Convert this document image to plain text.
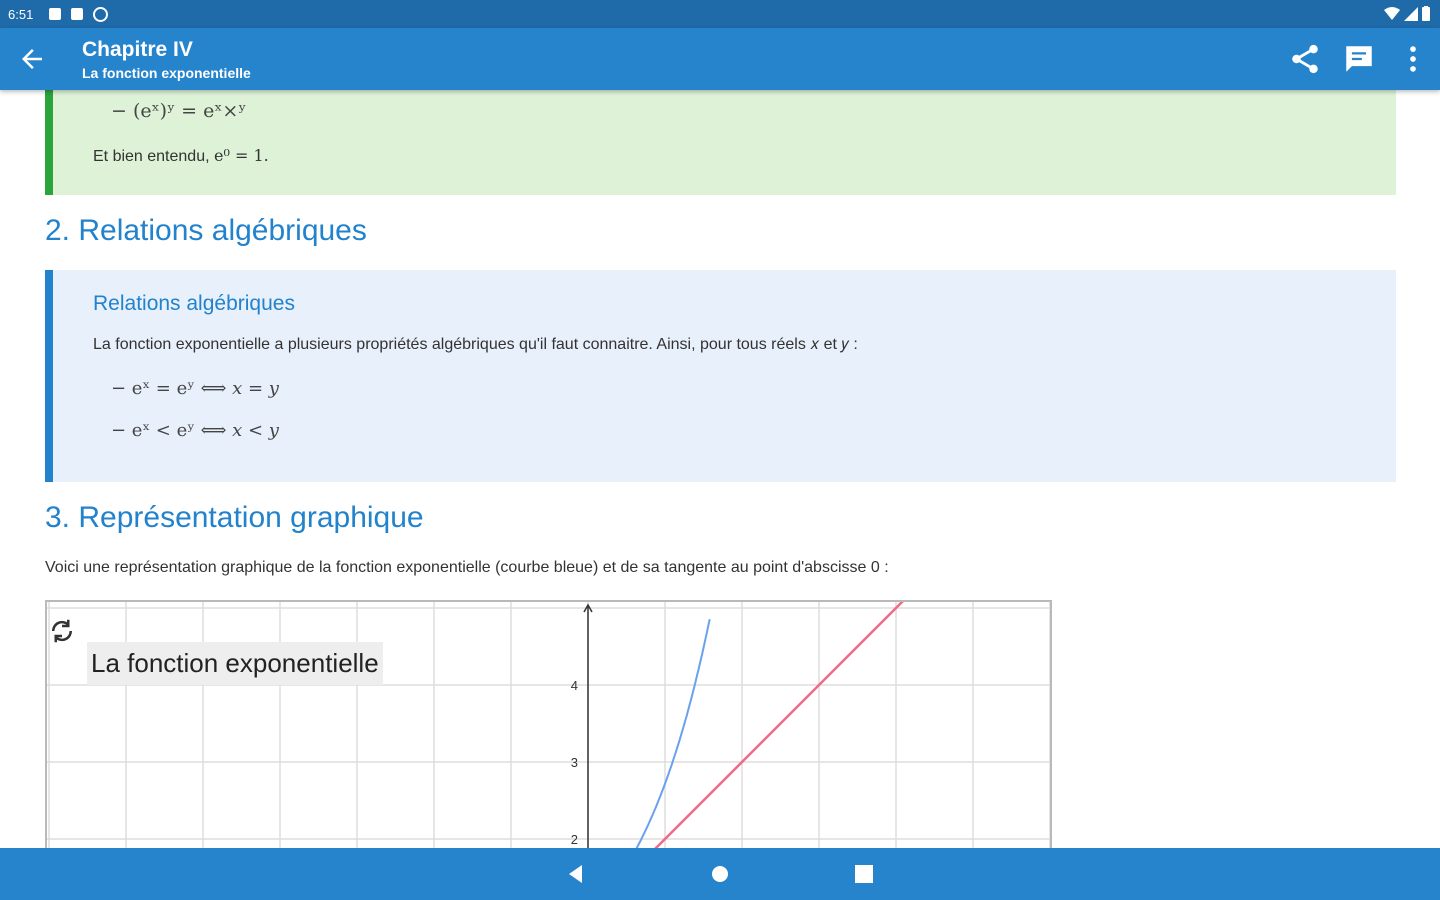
6:51
Chapitre IV
La fonction exponentielle
− (eˣ)ʸ = eˣ×ʸ
Et bien entendu, e⁰ = 1.
2. Relations algébriques
Relations algébriques
La fonction exponentielle a plusieurs propriétés algébriques qu'il faut connaitre. Ainsi, pour tous réels 𝑥 et 𝑦 :
− eˣ = eʸ ⟺ 𝑥 = 𝑦
− eˣ < eʸ ⟺ 𝑥 < 𝑦
3. Représentation graphique
Voici une représentation graphique de la fonction exponentielle (courbe bleue) et de sa tangente au point d'abscisse 0 :
4
3
2
La fonction exponentielle
